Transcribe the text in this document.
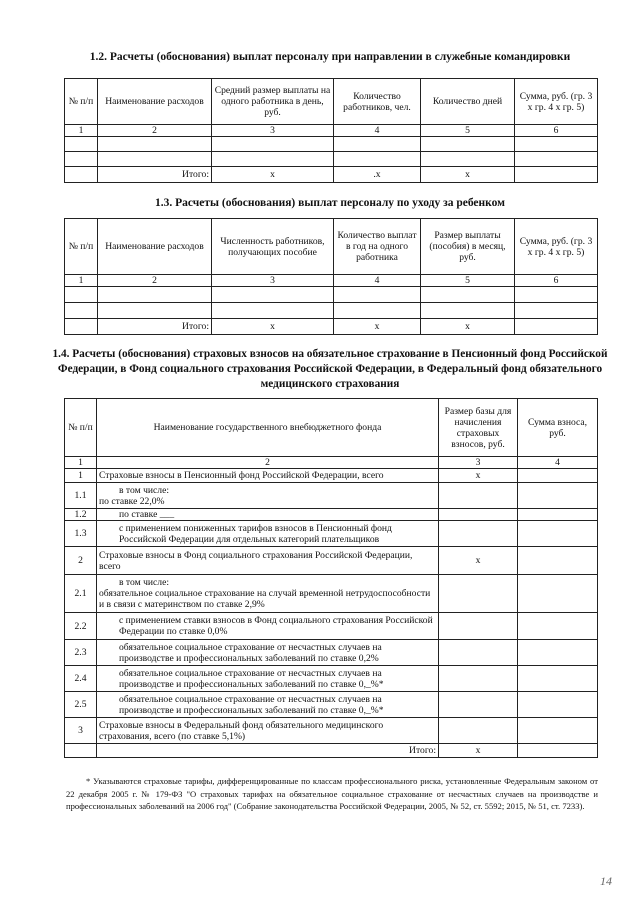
1.2. Расчеты (обоснования) выплат персоналу при направлении в служебные командировки
№ п/п	Наименование расходов	Средний размер выплаты на одного работника в день, руб.	Количество работников, чел.	Количество дней	Сумма, руб. (гр. 3 х гр. 4 х гр. 5)
1	2	3	4	5	6

	Итого:	х	.х	х	
1.3. Расчеты (обоснования) выплат персоналу по уходу за ребенком
№ п/п	Наименование расходов	Численность работников, получающих пособие	Количество выплат в год на одного работника	Размер выплаты (пособия) в месяц, руб.	Сумма, руб. (гр. 3 х гр. 4 х гр. 5)
1	2	3	4	5	6

	Итого:	х	х	х	
1.4. Расчеты (обоснования) страховых взносов на обязательное страхование в Пенсионный фонд Российской Федерации, в Фонд социального страхования Российской Федерации, в Федеральный фонд обязательного медицинского страхования
№ п/п	Наименование государственного внебюджетного фонда	Размер базы для начисления страховых взносов, руб.	Сумма взноса, руб.
1	2	3	4
1	Страховые взносы в Пенсионный фонд Российской Федерации, всего	х	
1.1	в том числе:
по ставке 22,0%		

1.2	по ставке ___		

1.3	с применением пониженных тарифов взносов в Пенсионный фонд Российской Федерации для отдельных категорий плательщиков		

2	Страховые взносы в Фонд социального страхования Российской Федерации, всего	х	
2.1	в том числе:
обязательное социальное страхование на случай временной нетрудоспособности и в связи с материнством по ставке 2,9%		

2.2	с применением ставки взносов в Фонд социального страхования Российской Федерации по ставке 0,0%		

2.3	обязательное социальное страхование от несчастных случаев на производстве и профессиональных заболеваний по ставке 0,2%		

2.4	обязательное социальное страхование от несчастных случаев на производстве и профессиональных заболеваний по ставке 0,_%*		

2.5	обязательное социальное страхование от несчастных случаев на производстве и профессиональных заболеваний по ставке 0,_%*		

3	Страховые взносы в Федеральный фонд обязательного медицинского страхования, всего (по ставке 5,1%)		

	Итого:	х	
* Указываются страховые тарифы, дифференцированные по классам профессионального риска, установленные Федеральным законом от 22 декабря 2005 г. № 179-ФЗ "О страховых тарифах на обязательное социальное страхование от несчастных случаев на производстве и профессиональных заболеваний на 2006 год" (Собрание законодательства Российской Федерации, 2005, № 52, ст. 5592; 2015, № 51, ст. 7233).
14
